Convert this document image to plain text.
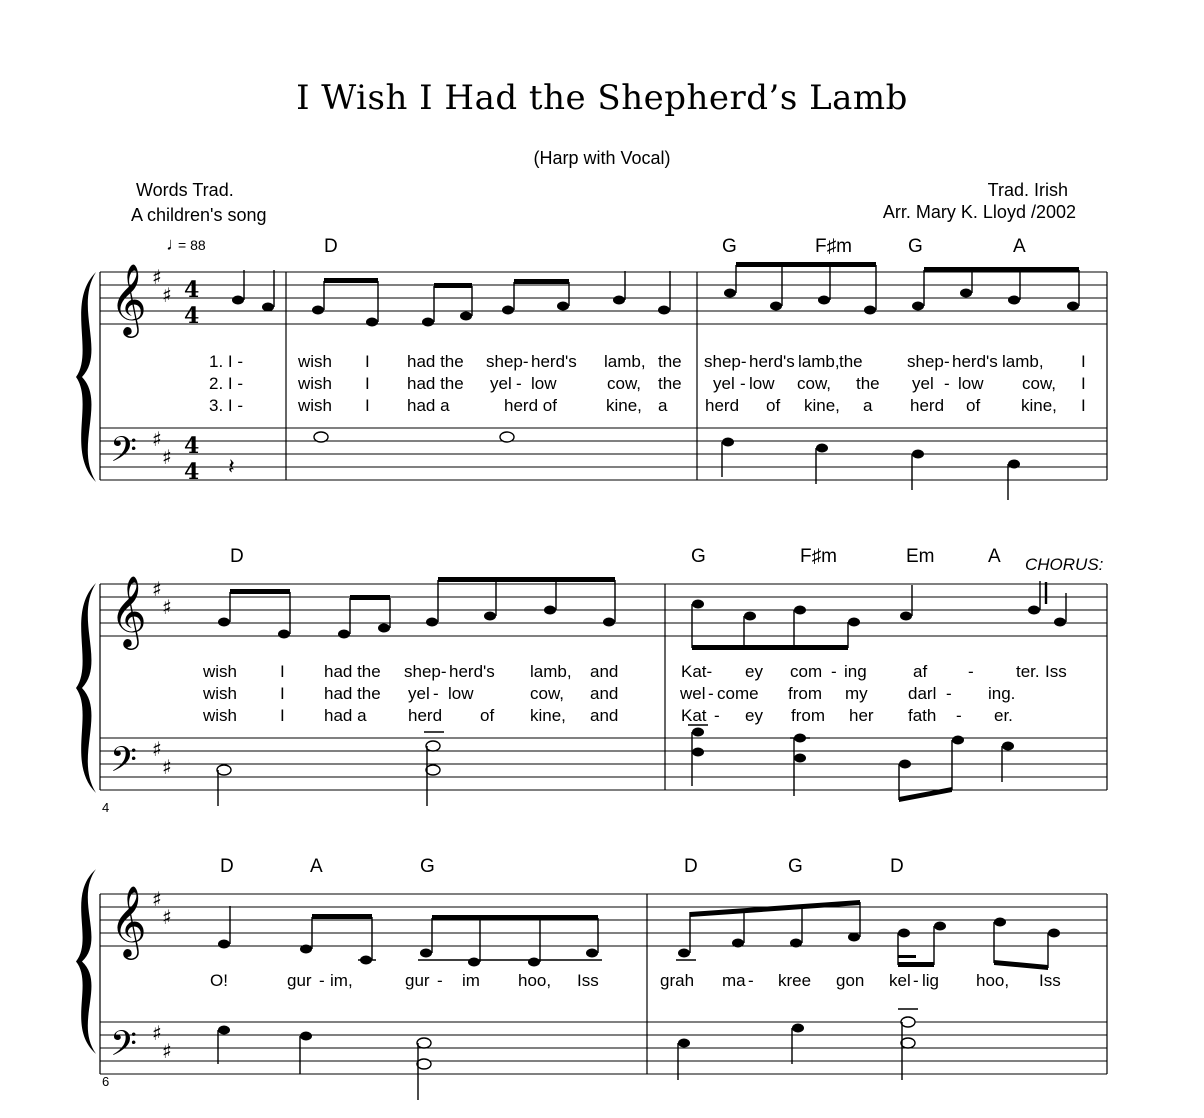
I Wish I Had the Shepherd’s Lamb
(Harp with Vocal)
Words Trad.
A children's song
Trad. Irish
Arr. Mary K. Lloyd /2002
♩
= 88	D	G	F♯m	G	A
D	G	F♯m	Em	A CHORUS:
D	A	G	D	G	D
4
6
1. I -	wish I had the shep- herd's lamb, the shep- herd's lamb, the	shep - herd's lamb, I
2. I -	wish I had the yel - low	cow, the yel - low cow, the yel - low cow, I
3. I -	wish I had a	herd of	kine, a herd of kine, a herd of kine, I
wish	I had the shep- herd's lamb, and	Kat- ey com - ing	af - ter. Iss
wish	I had the yel - low	cow, and	wel - come from my darl - ing.
wish	I had a herd of kine, and	Kat - ey from her fath - er.
O!	gur - im,	gur - im hoo, Iss	grah ma - kree gon kel - lig hoo, Iss
𝄞
𝄢
♯
♯
♯
♯
4
4
4
4 𝄽
𝄞
𝄢
♯
♯
♯
♯
𝄞
𝄢
♯
♯
♯
♯
